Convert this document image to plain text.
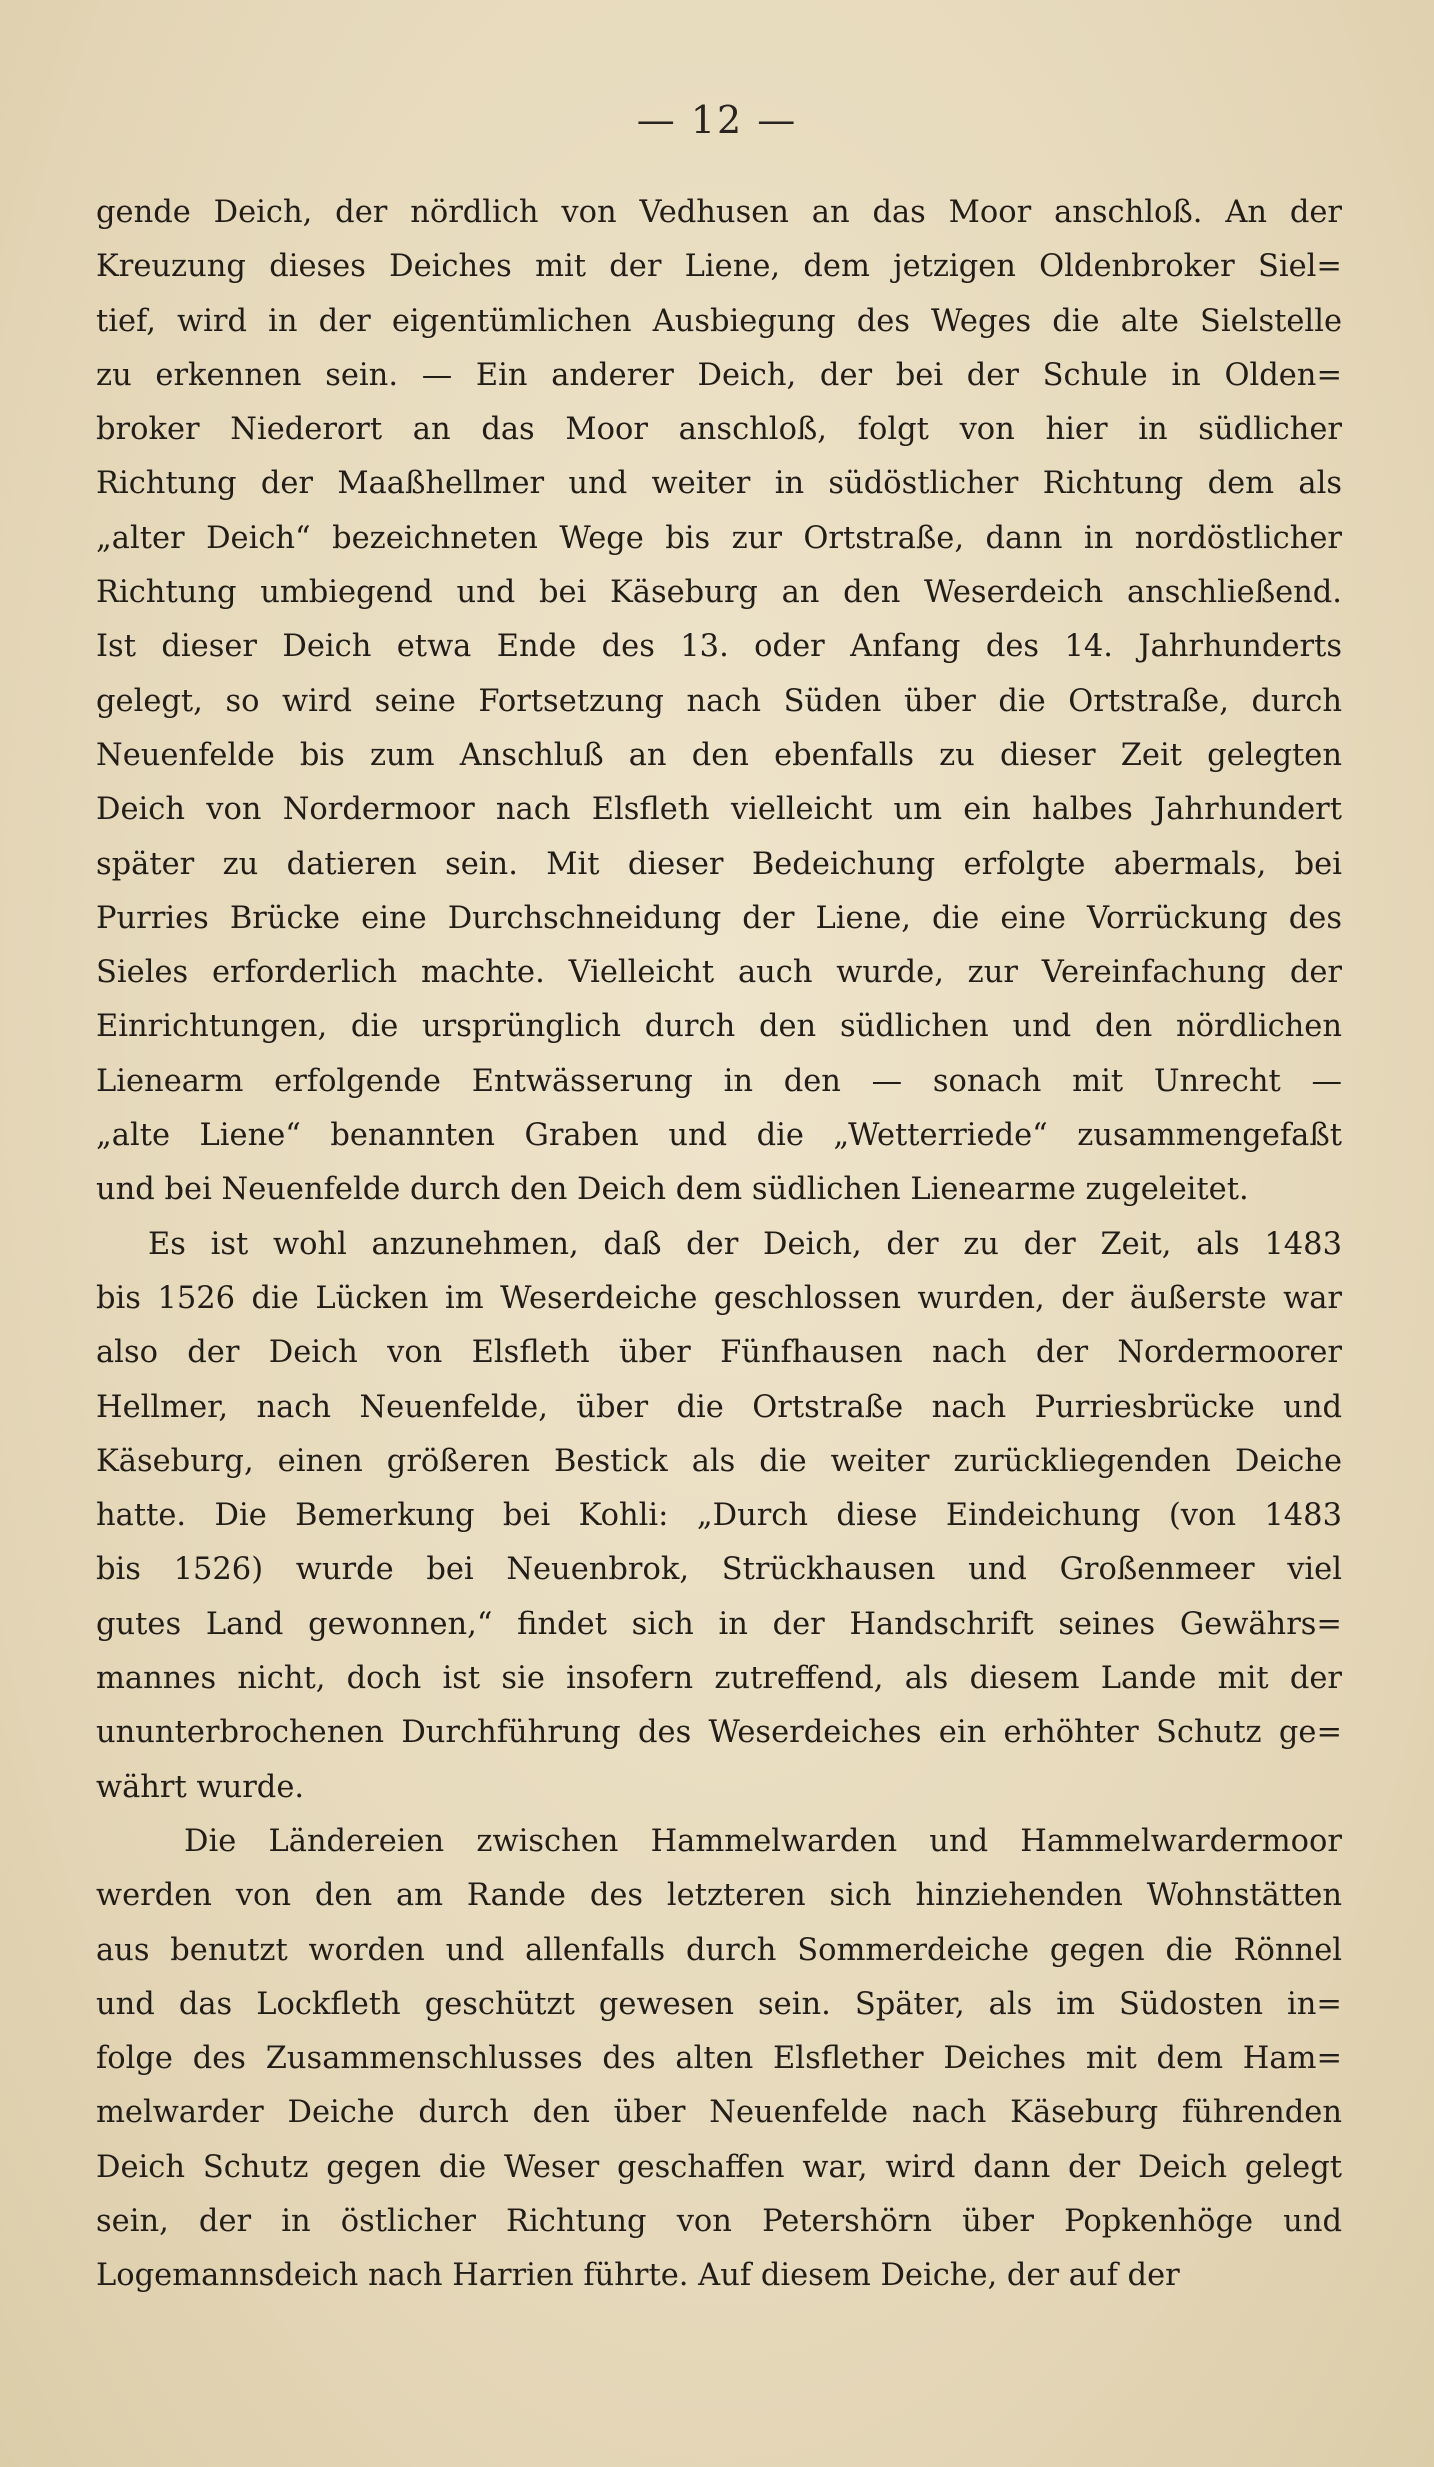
— 12 —
gende Deich, der nördlich von Vedhusen an das Moor anschloß. An der
Kreuzung dieses Deiches mit der Liene, dem jetzigen Oldenbroker Siel=
tief, wird in der eigentümlichen Ausbiegung des Weges die alte Sielstelle
zu erkennen sein. — Ein anderer Deich, der bei der Schule in Olden=
broker Niederort an das Moor anschloß, folgt von hier in südlicher
Richtung der Maaßhellmer und weiter in südöstlicher Richtung dem als
„alter Deich“ bezeichneten Wege bis zur Ortstraße, dann in nordöstlicher
Richtung umbiegend und bei Käseburg an den Weserdeich anschließend.
Ist dieser Deich etwa Ende des 13. oder Anfang des 14. Jahrhunderts
gelegt, so wird seine Fortsetzung nach Süden über die Ortstraße, durch
Neuenfelde bis zum Anschluß an den ebenfalls zu dieser Zeit gelegten
Deich von Nordermoor nach Elsfleth vielleicht um ein halbes Jahrhundert
später zu datieren sein. Mit dieser Bedeichung erfolgte abermals, bei
Purries Brücke eine Durchschneidung der Liene, die eine Vorrückung des
Sieles erforderlich machte. Vielleicht auch wurde, zur Vereinfachung der
Einrichtungen, die ursprünglich durch den südlichen und den nördlichen
Lienearm erfolgende Entwässerung in den — sonach mit Unrecht —
„alte Liene“ benannten Graben und die „Wetterriede“ zusammengefaßt
und bei Neuenfelde durch den Deich dem südlichen Lienearme zugeleitet.
Es ist wohl anzunehmen, daß der Deich, der zu der Zeit, als 1483
bis 1526 die Lücken im Weserdeiche geschlossen wurden, der äußerste war
also der Deich von Elsfleth über Fünfhausen nach der Nordermoorer
Hellmer, nach Neuenfelde, über die Ortstraße nach Purriesbrücke und
Käseburg, einen größeren Bestick als die weiter zurückliegenden Deiche
hatte. Die Bemerkung bei Kohli: „Durch diese Eindeichung (von 1483
bis 1526) wurde bei Neuenbrok, Strückhausen und Großenmeer viel
gutes Land gewonnen,“ findet sich in der Handschrift seines Gewährs=
mannes nicht, doch ist sie insofern zutreffend, als diesem Lande mit der
ununterbrochenen Durchführung des Weserdeiches ein erhöhter Schutz ge=
währt wurde.
Die Ländereien zwischen Hammelwarden und Hammelwardermoor
werden von den am Rande des letzteren sich hinziehenden Wohnstätten
aus benutzt worden und allenfalls durch Sommerdeiche gegen die Rönnel
und das Lockfleth geschützt gewesen sein. Später, als im Südosten in=
folge des Zusammenschlusses des alten Elsflether Deiches mit dem Ham=
melwarder Deiche durch den über Neuenfelde nach Käseburg führenden
Deich Schutz gegen die Weser geschaffen war, wird dann der Deich gelegt
sein, der in östlicher Richtung von Petershörn über Popkenhöge und
Logemannsdeich nach Harrien führte. Auf diesem Deiche, der auf der
